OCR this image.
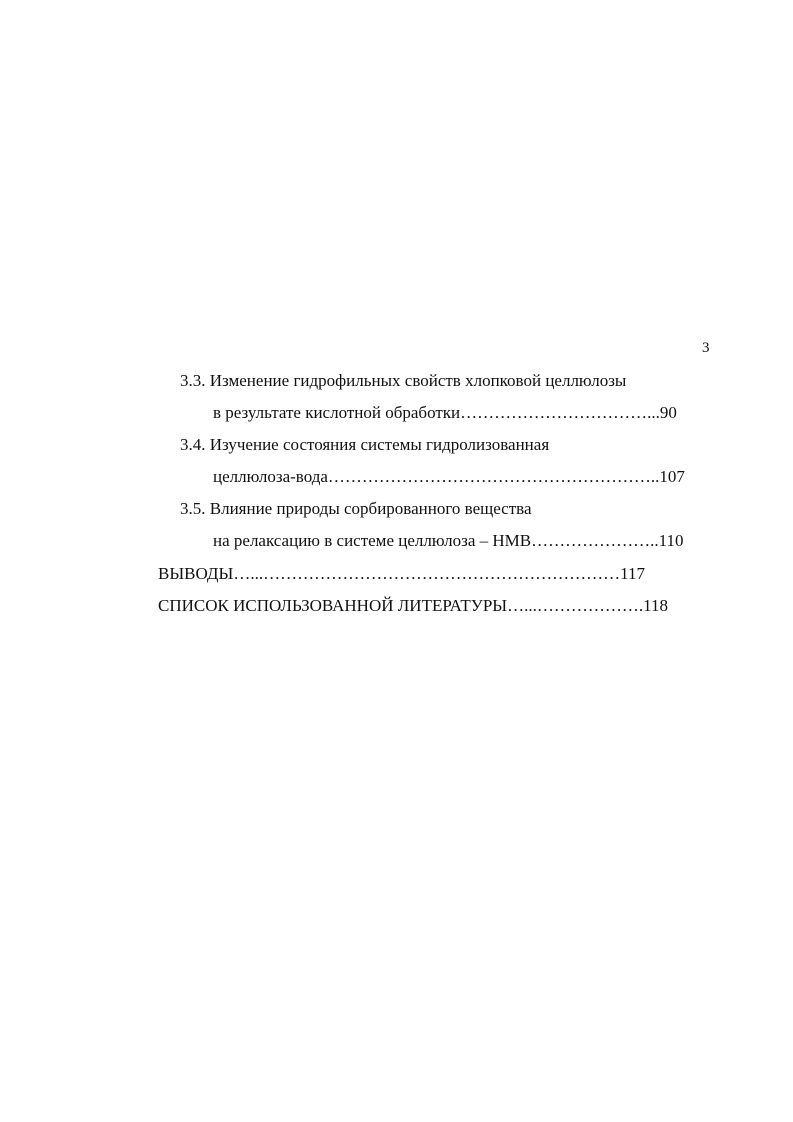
3
3.3. Изменение гидрофильных свойств хлопковой целлюлозы
в результате кислотной обработки……………………………...90
3.4. Изучение состояния системы гидролизованная
целлюлоза-вода…………………………………………………..107
3.5. Влияние природы сорбированного вещества
на релаксацию в системе целлюлоза – НМВ…………………..110
ВЫВОДЫ…...………………………………………………………117
СПИСОК ИСПОЛЬЗОВАННОЙ ЛИТЕРАТУРЫ…...……………….118
